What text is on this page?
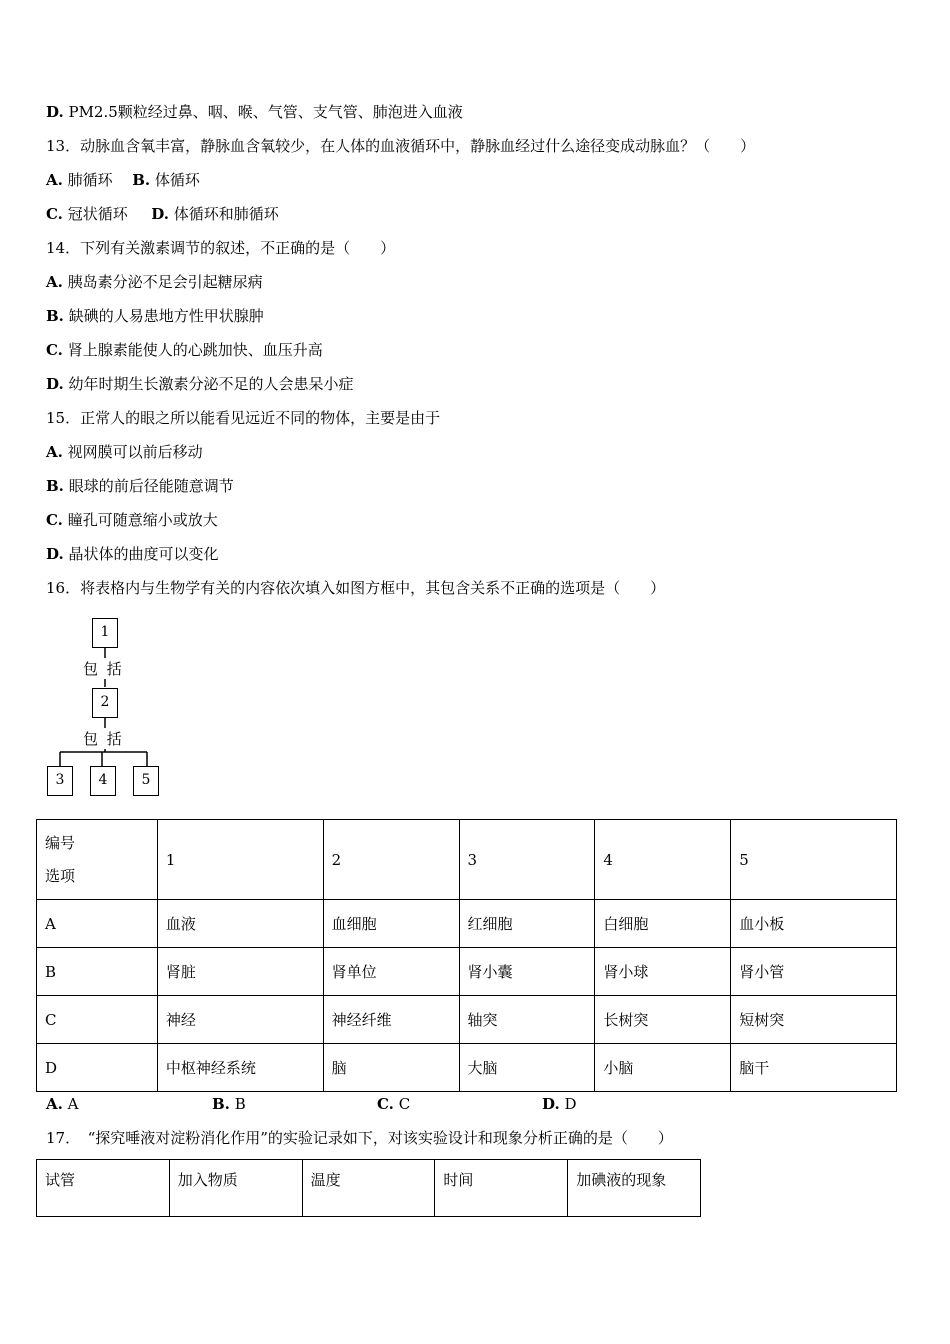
D. PM2.5颗粒经过鼻、咽、喉、气管、支气管、肺泡进入血液
13．动脉血含氧丰富，静脉血含氧较少，在人体的血液循环中，静脉血经过什么途径变成动脉血？（　　）
A. 肺循环 B. 体循环
C. 冠状循环 D. 体循环和肺循环
14．下列有关激素调节的叙述，不正确的是（　　）
A. 胰岛素分泌不足会引起糖尿病
B. 缺碘的人易患地方性甲状腺肿
C. 肾上腺素能使人的心跳加快、血压升高
D. 幼年时期生长激素分泌不足的人会患呆小症
15．正常人的眼之所以能看见远近不同的物体，主要是由于
A. 视网膜可以前后移动
B. 眼球的前后径能随意调节
C. 瞳孔可随意缩小或放大
D. 晶状体的曲度可以变化
16．将表格内与生物学有关的内容依次填入如图方框中，其包含关系不正确的选项是（　　）
1
包 括
2
包 括
3	4	5
编号
选项	1	2	3	4	5
A	血液	血细胞	红细胞	白细胞	血小板
B	肾脏	肾单位	肾小囊	肾小球	肾小管
C	神经	神经纤维	轴突	长树突	短树突
D	中枢神经系统	脑	大脑	小脑	脑干
A. A	B. B	C. C	D. D
17．　“探究唾液对淀粉消化作用”的实验记录如下，对该实验设计和现象分析正确的是（　　）
试管	加入物质	温度	时间	加碘液的现象
